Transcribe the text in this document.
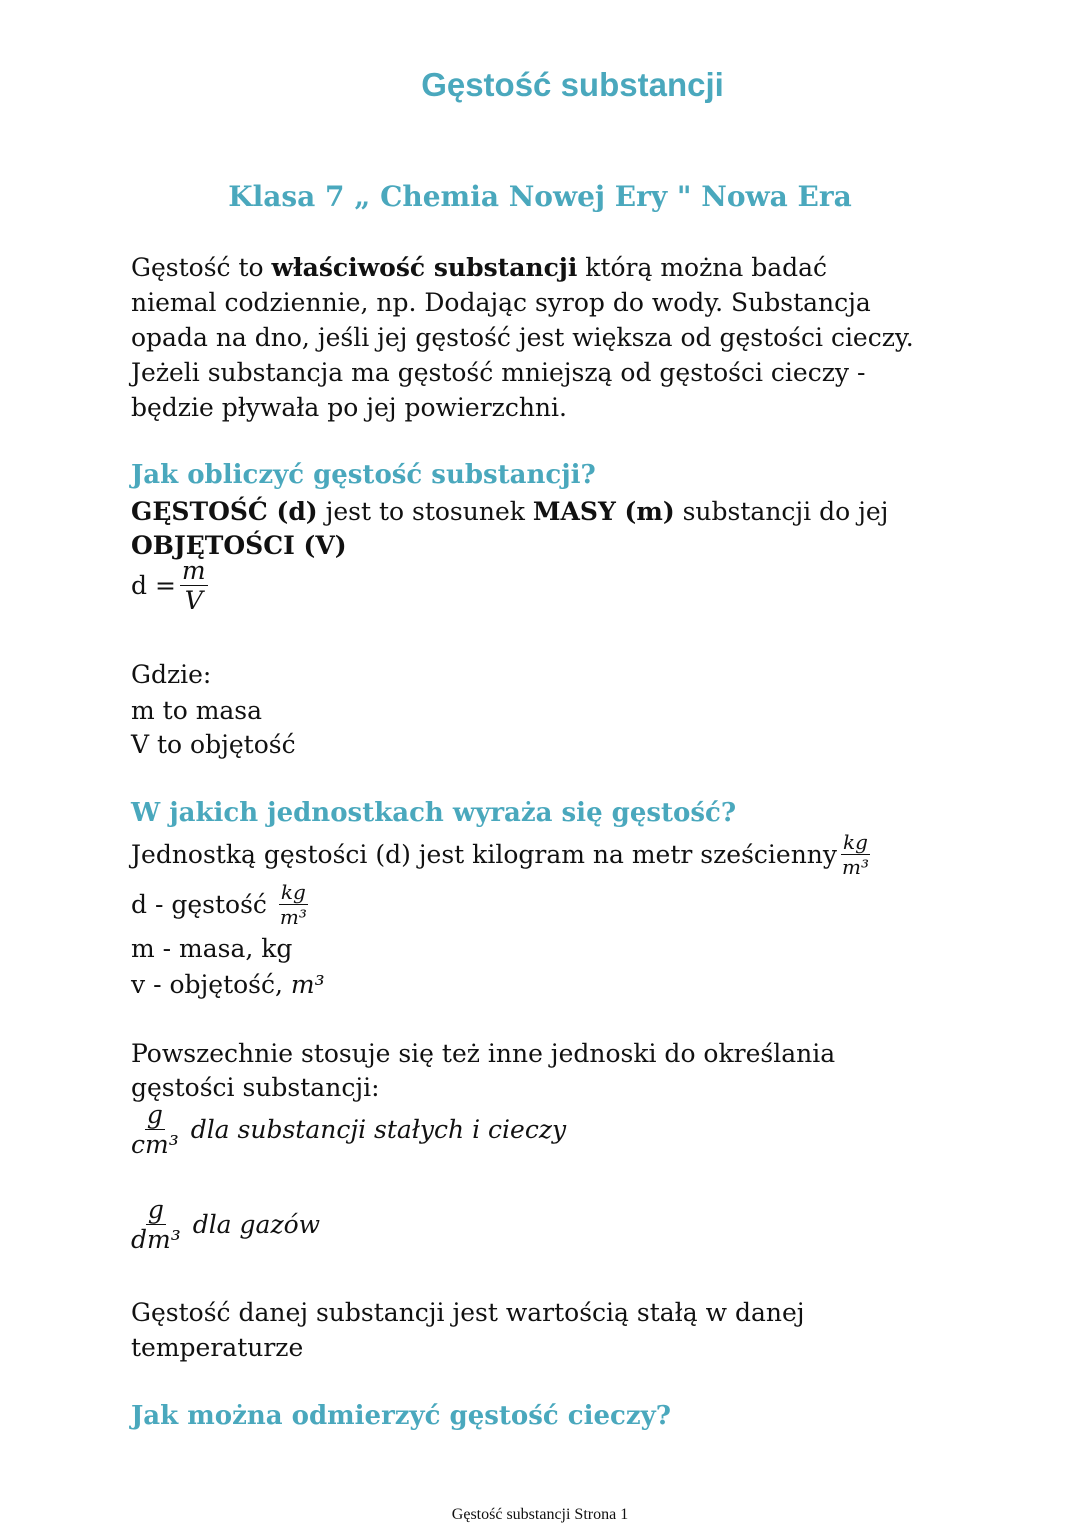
Gęstość substancji
Klasa 7 „ Chemia Nowej Ery " Nowa Era
Gęstość to właściwość substancji którą można badać
niemal codziennie, np. Dodając syrop do wody. Substancja
opada na dno, jeśli jej gęstość jest większa od gęstości cieczy.
Jeżeli substancja ma gęstość mniejszą od gęstości cieczy -
będzie pływała po jej powierzchni.
Jak obliczyć gęstość substancji?
GĘSTOŚĆ (d) jest to stosunek MASY (m) substancji do jej
OBJĘTOŚCI (V)
$d = \frac{m}{V}$
Gdzie:
m to masa
V to objętość
W jakich jednostkach wyraża się gęstość?
Jednostką gęstości (d) jest kilogram na metr sześcienny $\frac{kg}{\text{m³}}$
d - gęstość $\frac{kg}{\text{m³}}$
m - masa, kg
v - objętość, m³
Powszechnie stosuje się też inne jednoski do określania
gęstości substancji:
$\frac{g}{\text{cm³}}$ dla substancji stałych i cieczy
$\frac{g}{\text{dm³}}$ dla gazów
Gęstość danej substancji jest wartością stałą w danej
temperaturze
Jak można odmierzyć gęstość cieczy?
Gęstość substancji Strona 1
